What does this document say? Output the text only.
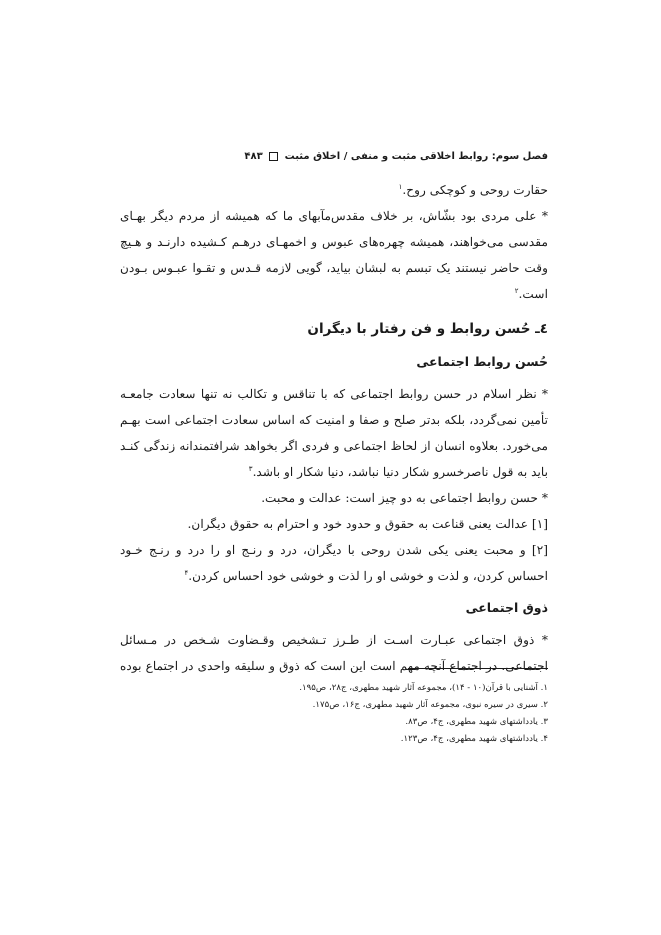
فصل سوم: روابط اخلاقی مثبت و منفی / اخلاق مثبت  ۴۸۳

حقارت روحی و کوچکی روح.$^۱$

* علی مردی بود بشّاش، بر خلاف مقدس‌مآبهای ما که همیشه از مردم دیگر بهـای مقدسی می‌خواهند، همیشه چهره‌های عبوس و اخمهـای درهـم کـشیده دارنـد و هـیچ وقت حاضر نیستند یک تبسم به لبشان بیاید، گویی لازمه قـدس و تقـوا عبـوس بـودن است.$^۲$

٤ـ حُسن روابط و فن رفتار با دیگران
حُسن روابط اجتماعی

* نظر اسلام در حسن روابط اجتماعی که با تناقس و تکالب نه تنها سعادت جامعـه تأمین نمی‌گردد، بلکه بدتر صلح و صفا و امنیت که اساس سعادت اجتماعی است بهـم می‌خورد. بعلاوه انسان از لحاظ اجتماعی و فردی اگر بخواهد شرافتمندانه زندگی کنـد باید به قول ناصرخسرو شکار دنیا نباشد، دنیا شکار او باشد.$^۳$

* حسن روابط اجتماعی به دو چیز است: عدالت و محبت.

[۱] عدالت یعنی قناعت به حقوق و حدود خود و احترام به حقوق دیگران.

[۲] و محبت یعنی یکی شدن روحی با دیگران، درد و رنـج او را درد و رنـج خـود احساس کردن، و لذت و خوشی او را لذت و خوشی خود احساس کردن.$^۴$

ذوق اجتماعی

* ذوق اجتماعی عبـارت اسـت از طـرز تـشخیص وقـضاوت شـخص در مـسائل اجتماعی. در اجتماع آنچه مهم است این است که ذوق و سلیقه واحدی در اجتماع بوده

۱. آشنایی با قرآن(۱۰ - ۱۴)، مجموعه آثار شهید مطهری، ج۲۸، ص۱۹۵.
۲. سیری در سیره نبوی، مجموعه آثار شهید مطهری، ج۱۶، ص۱۷۵.
۳. یادداشتهای شهید مطهری، ج۴، ص۸۳.
۴. یادداشتهای شهید مطهری، ج۴، ص۱۲۳.
